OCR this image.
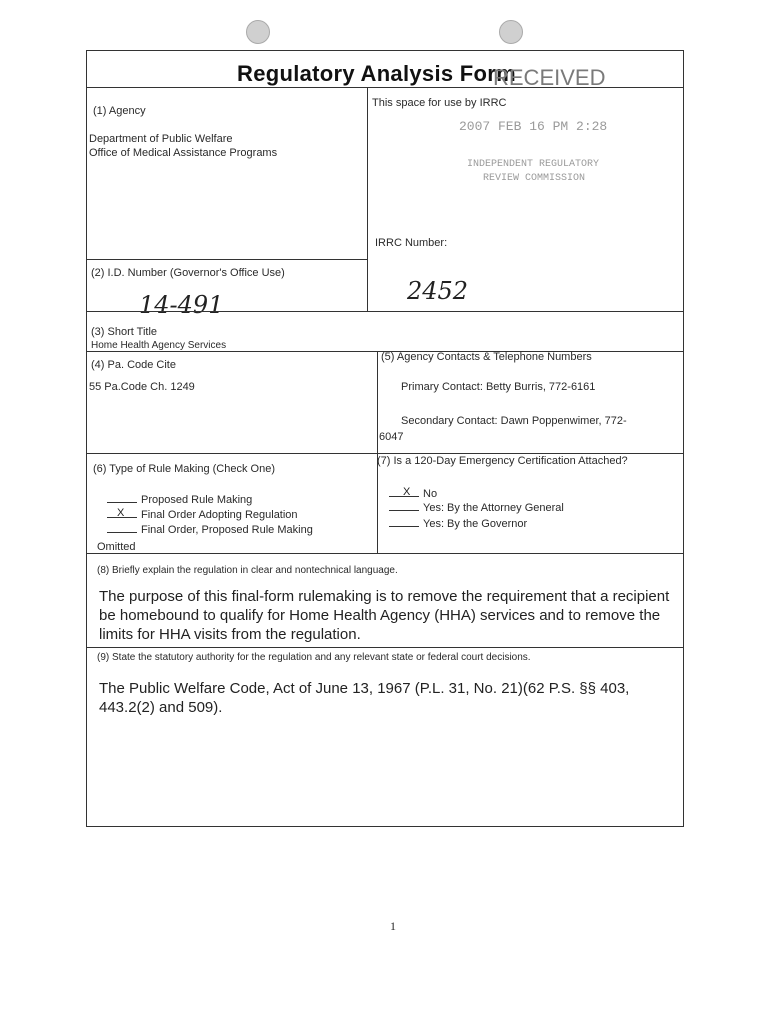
Regulatory Analysis Form
RECEIVED
(1) Agency
Department of Public Welfare
Office of Medical Assistance Programs
This space for use by IRRC
2007 FEB 16 PM 2:28
INDEPENDENT REGULATORY
REVIEW COMMISSION
IRRC Number:
2452
(2) I.D. Number (Governor's Office Use)
14-491
(3) Short Title
Home Health Agency Services
(4) Pa. Code Cite
55 Pa.Code Ch. 1249
(5) Agency Contacts & Telephone Numbers
Primary Contact: Betty Burris, 772-6161
Secondary Contact: Dawn Poppenwimer, 772-
6047
(6) Type of Rule Making (Check One)
Proposed Rule Making
Final Order Adopting Regulation
X
Final Order, Proposed Rule Making
Omitted
(7) Is a 120-Day Emergency Certification Attached?
No
X
Yes: By the Attorney General
Yes: By the Governor
(8) Briefly explain the regulation in clear and nontechnical language.
The purpose of this final-form rulemaking is to remove the requirement that a recipient be homebound to qualify for Home Health Agency (HHA) services and to remove the limits for HHA visits from the regulation.
(9) State the statutory authority for the regulation and any relevant state or federal court decisions.
The Public Welfare Code, Act of June 13, 1967 (P.L. 31, No. 21)(62 P.S. §§ 403, 443.2(2) and 509).
1
